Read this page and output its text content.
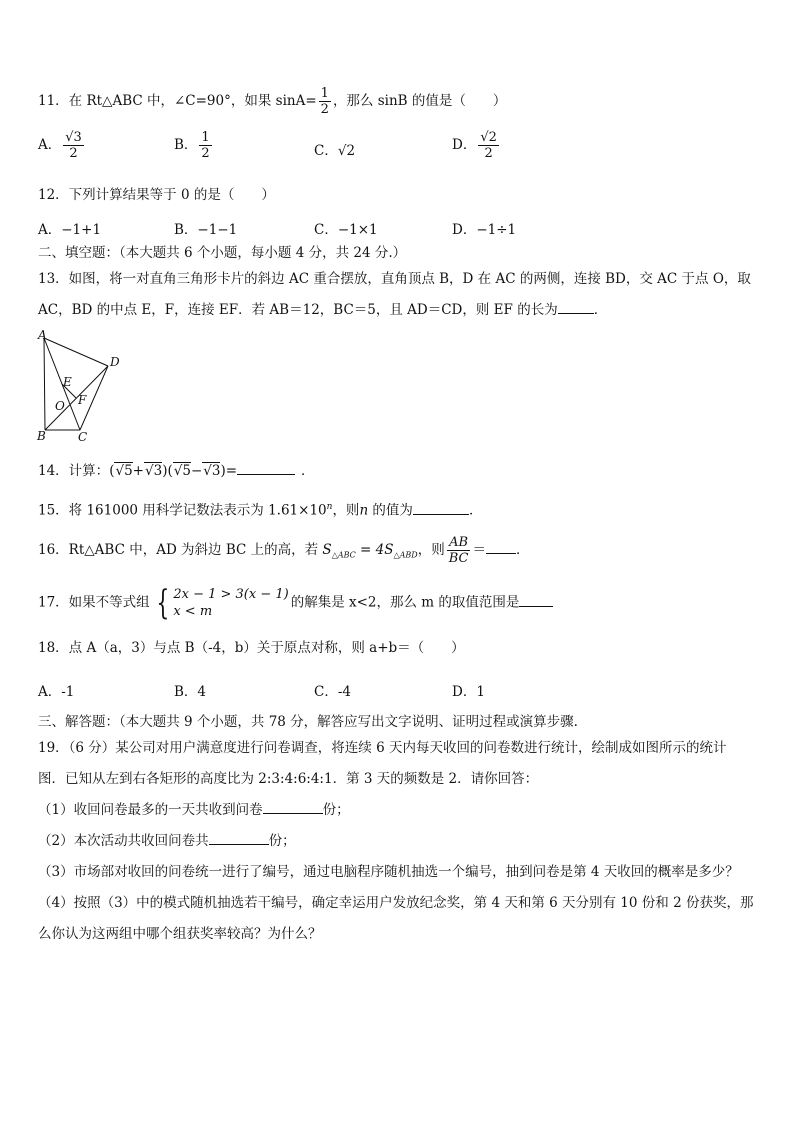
11．在 Rt△ABC 中，∠C=90°，如果 $\sin A= \frac{1}{2}$ ，那么 sinB 的值是（　　）
A． $\frac{√3}{2}$	B． $\frac{1}{2}$	C．√2	D． $\frac{√2}{2}$
12．下列计算结果等于 0 的是（　　）
A．−1+1	B．−1−1	C．−1×1	D．−1÷1
二、填空题：（本大题共 6 个小题，每小题 4 分，共 24 分.）
13．如图，将一对直角三角形卡片的斜边 AC 重合摆放，直角顶点 B，D 在 AC 的两侧，连接 BD，交 AC 于点 O，取
AC，BD 的中点 E，F，连接 EF．若 AB＝12，BC＝5，且 AD＝CD，则 EF 的长为	．
A
D
E
O F
B	C
14．计算：(√5+√3)(√5−√3)=	．
15．将 161000 用科学记数法表示为 $1.61\times 10^n$，则n 的值为	．
16．Rt△ABC 中，AD 为斜边 BC 上的高，若 $S_{\triangle ABC} = 4S_{\triangle ABD}$，则 $\frac{AB}{BC}$ ＝ ．
17．如果不等式组 { 2x − 1 > 3(x − 1)
x < m
的解集是 x<2，那么 m 的取值范围是
18．点 A（a，3）与点 B（-4，b）关于原点对称，则 a+b＝（　　）
A．-1	B．4	C．-4	D．1
三、解答题：（本大题共 9 个小题，共 78 分，解答应写出文字说明、证明过程或演算步骤.
19．（6 分）某公司对用户满意度进行问卷调查，将连续 6 天内每天收回的问卷数进行统计，绘制成如图所示的统计
图．已知从左到右各矩形的高度比为 2:3:4:6:4:1．第 3 天的频数是 2．请你回答：
（1）收回问卷最多的一天共收到问卷	份；
（2）本次活动共收回问卷共	份；
（3）市场部对收回的问卷统一进行了编号，通过电脑程序随机抽选一个编号，抽到问卷是第 4 天收回的概率是多少？
（4）按照（3）中的模式随机抽选若干编号，确定幸运用户发放纪念奖，第 4 天和第 6 天分别有 10 份和 2 份获奖，那
么你认为这两组中哪个组获奖率较高？为什么？
